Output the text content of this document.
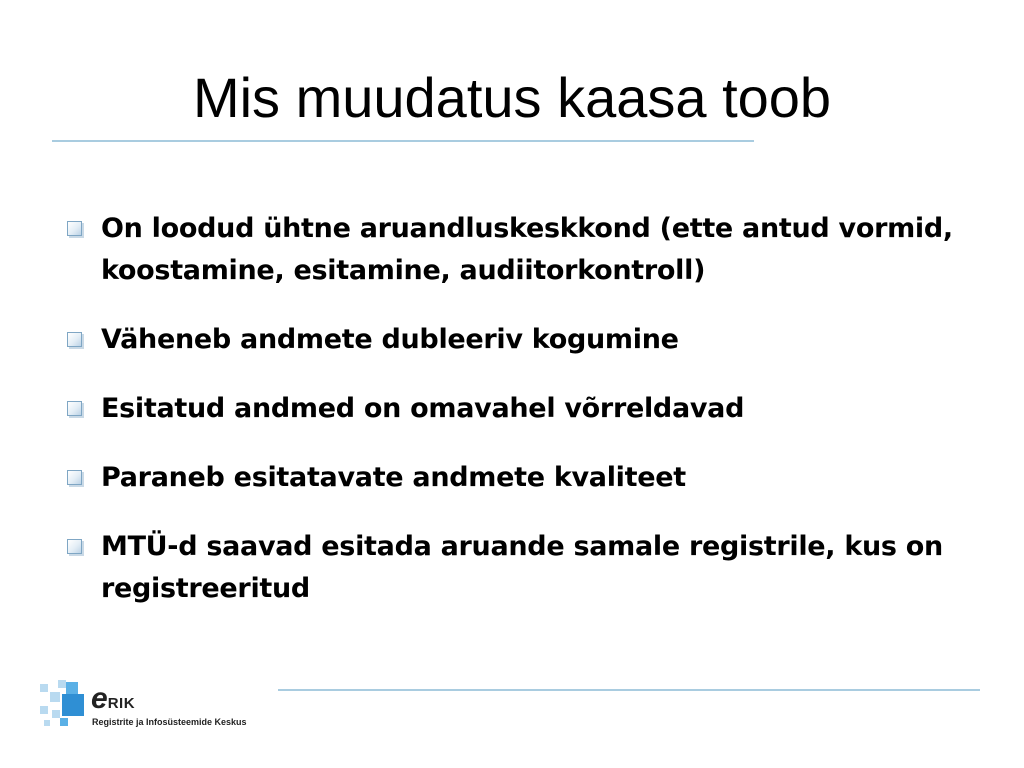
Mis muudatus kaasa toob
On loodud ühtne aruandluskeskkond (ette antud vormid, koostamine, esitamine, audiitorkontroll)
Väheneb andmete dubleeriv kogumine
Esitatud andmed on omavahel võrreldavad
Paraneb esitatavate andmete kvaliteet
MTÜ-d saavad esitada aruande samale registrile, kus on registreeritud
eRIK
Registrite ja Infosüsteemide Keskus
